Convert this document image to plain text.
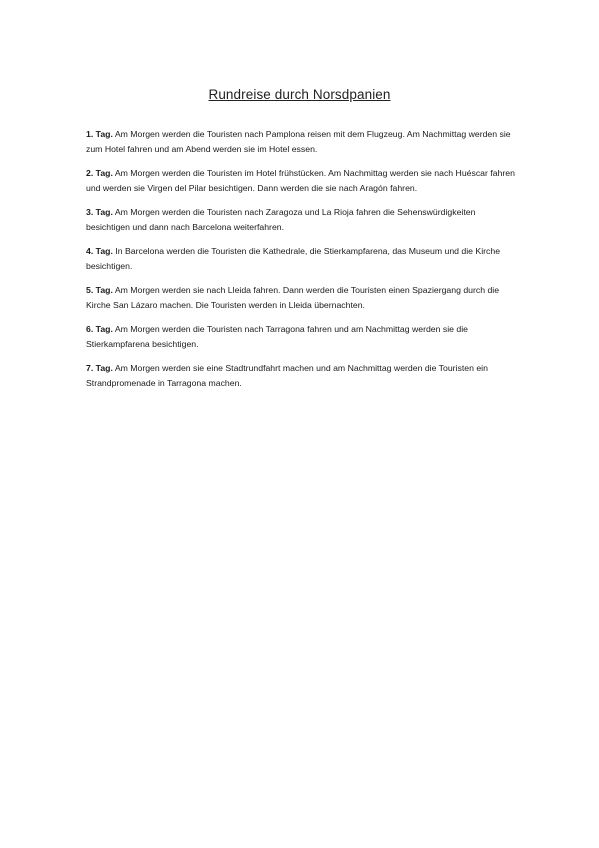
Rundreise durch Norsdpanien

1. Tag. Am Morgen werden die Touristen nach Pamplona reisen mit dem Flugzeug. Am Nachmittag werden sie zum Hotel fahren und am Abend werden sie im Hotel essen.

2. Tag. Am Morgen werden die Touristen im Hotel frühstücken. Am Nachmittag werden sie nach Huéscar fahren und werden sie Virgen del Pilar besichtigen. Dann werden die sie nach Aragón fahren.

3. Tag. Am Morgen werden die Touristen nach Zaragoza und La Rioja fahren die Sehenswürdigkeiten besichtigen und dann nach Barcelona weiterfahren.

4. Tag. In Barcelona werden die Touristen die Kathedrale, die Stierkampfarena, das Museum und die Kirche besichtigen.

5. Tag. Am Morgen werden sie nach Lleida fahren. Dann werden die Touristen einen Spaziergang durch die Kirche San Lázaro machen. Die Touristen werden in Lleida übernachten.

6. Tag. Am Morgen werden die Touristen nach Tarragona fahren und am Nachmittag werden sie die Stierkampfarena besichtigen.

7. Tag. Am Morgen werden sie eine Stadtrundfahrt machen und am Nachmittag werden die Touristen ein Strandpromenade in Tarragona machen.
